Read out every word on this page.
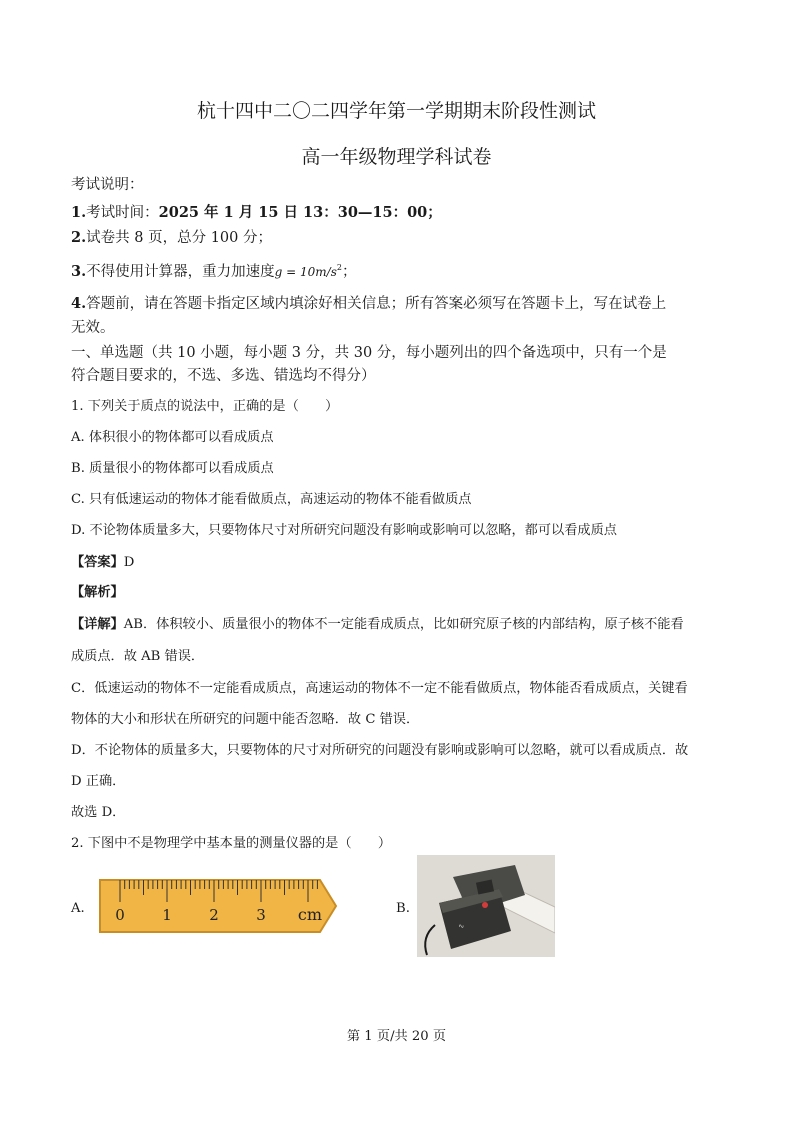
杭十四中二〇二四学年第一学期期末阶段性测试
高一年级物理学科试卷
考试说明：
1.考试时间：2025 年 1 月 15 日 13：30—15：00；
2.试卷共 8 页，总分 100 分；
3.不得使用计算器，重力加速度$g = 10m/s^2$；
4.答题前，请在答题卡指定区域内填涂好相关信息；所有答案必须写在答题卡上，写在试卷上
无效。
一、单选题（共 10 小题，每小题 3 分，共 30 分，每小题列出的四个备选项中，只有一个是
符合题目要求的，不选、多选、错选均不得分）
1. 下列关于质点的说法中，正确的是（　　）
A. 体积很小的物体都可以看成质点
B. 质量很小的物体都可以看成质点
C. 只有低速运动的物体才能看做质点，高速运动的物体不能看做质点
D. 不论物体质量多大，只要物体尺寸对所研究问题没有影响或影响可以忽略，都可以看成质点
【答案】D
【解析】
【详解】AB．体积较小、质量很小的物体不一定能看成质点，比如研究原子核的内部结构，原子核不能看
成质点．故 AB 错误．
C．低速运动的物体不一定能看成质点，高速运动的物体不一定不能看做质点，物体能否看成质点，关键看
物体的大小和形状在所研究的问题中能否忽略．故 C 错误．
D．不论物体的质量多大，只要物体的尺寸对所研究的问题没有影响或影响可以忽略，就可以看成质点．故
D 正确．
故选 D．
2. 下图中不是物理学中基本量的测量仪器的是（　　）
A. 0 1 2 3 cm	B.
∿
第 1 页/共 20 页
